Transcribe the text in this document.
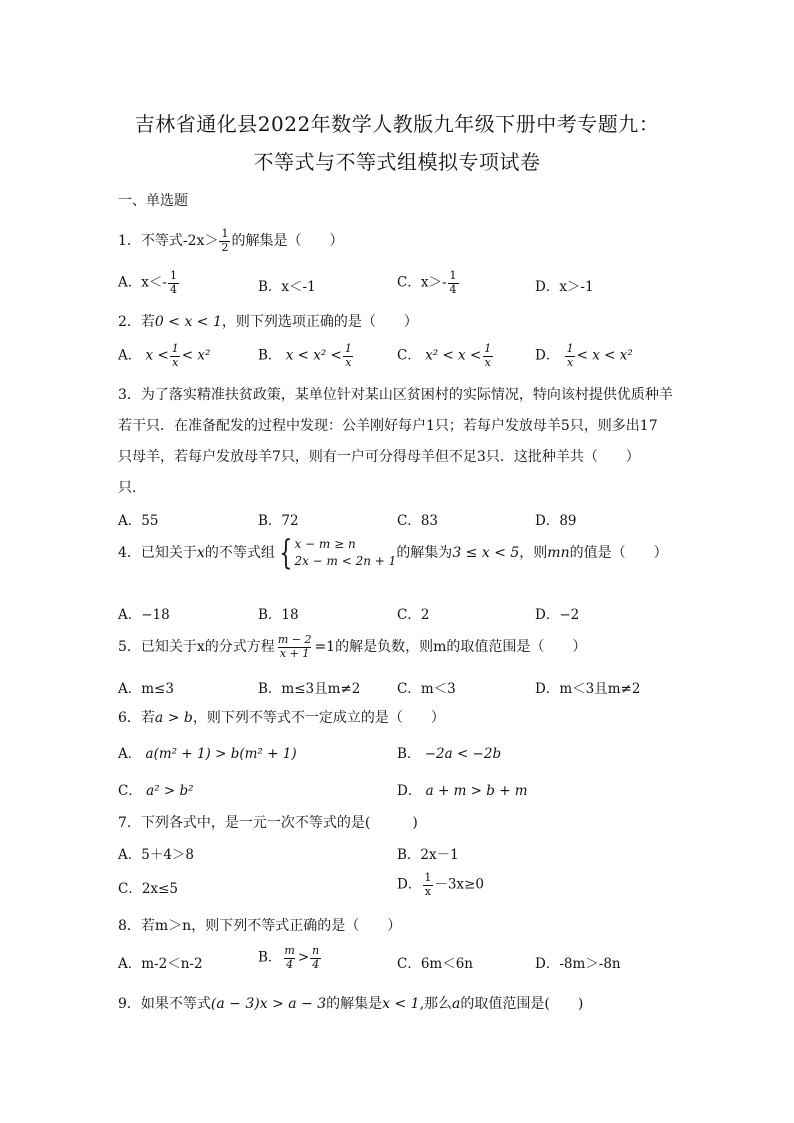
吉林省通化县2022年数学人教版九年级下册中考专题九：
不等式与不等式组模拟专项试卷
一、单选题
1．不等式$-2x> \frac{1}{2}$ 的解集是（　　）
A．$x<- \frac{1}{4}$	B．x＜-1	C．$x>- \frac{1}{4}$	D．x＞-1
2．若0 < x < 1，则下列选项正确的是（　　）
A． $x < \frac{1}{x} < x^2$	B． $x < x^2 < \frac{1}{x}$	C． $x^2 < x < \frac{1}{x}$	D． $\frac{1}{x} < x < x^2$
3．为了落实精准扶贫政策，某单位针对某山区贫困村的实际情况，特向该村提供优质种羊
若干只．在准备配发的过程中发现：公羊刚好每户1只；若每户发放母羊5只，则多出17
只母羊，若每户发放母羊7只，则有一户可分得母羊但不足3只．这批种羊共（　　）
只．
A．55	B．72	C．83	D．89
4．已知关于x的不等式组 { x − m ≥ n
2x − m < 2n + 1 的解集为3 ≤ x < 5，则mn的值是（　　）
A．−18	B．18	C．2	D．−2
5．已知关于x的分式方程 $\frac{m - 2}{x + 1} =1$的解是负数，则m的取值范围是（　　）
A．m≤3	B．m≤3且m≠2	C．m＜3	D．m＜3且m≠2
6．若a > b，则下列不等式不一定成立的是（　　）
A． a(m² + 1) > b(m² + 1)	B． −2a < −2b
C． a² > b²	D． a + m > b + m
7．下列各式中，是一元一次不等式的是(　　　)
A．5＋4＞8	B．2x－1
C．2x≤5	D． $\frac{1}{x} -3x\ge 0$
8．若m＞n，则下列不等式正确的是（　　）
A．m-2＜n-2	B． $\frac{m}{4} > \frac{n}{4}$	C．6m＜6n	D．-8m＞-8n
9．如果不等式(a − 3)x > a − 3的解集是x < 1,那么a的取值范围是(　　)
